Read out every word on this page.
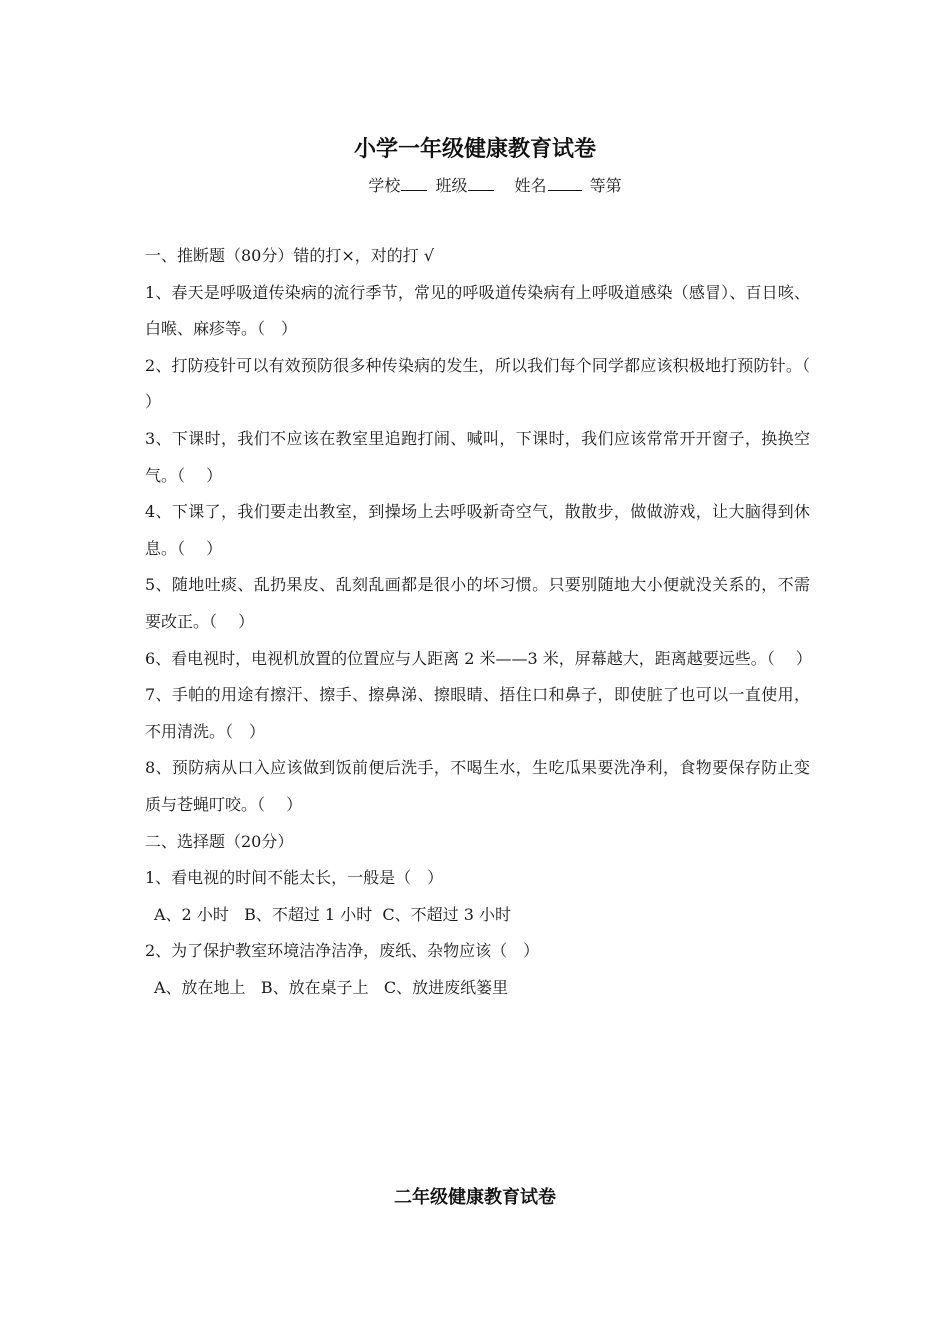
小学一年级健康教育试卷
学校 班级	姓名	等第

一、推断题（80分）错的打×，对的打 √

1、春天是呼吸道传染病的流行季节，常见的呼吸道传染病有上呼吸道感染（感冒）、百日咳、白喉、麻疹等。（　）

2、打防疫针可以有效预防很多种传染病的发生，所以我们每个同学都应该积极地打预防针。（　 ）

3、下课时，我们不应该在教室里追跑打闹、喊叫，下课时，我们应该常常开开窗子，换换空气。（　 ）

4、下课了，我们要走出教室，到操场上去呼吸新奇空气，散散步，做做游戏，让大脑得到休息。（　 ）

5、随地吐痰、乱扔果皮、乱刻乱画都是很小的坏习惯。只要别随地大小便就没关系的，不需要改正。（　 ）

6、看电视时，电视机放置的位置应与人距离 2 米——3 米，屏幕越大，距离越要远些。（　 ）

7、手帕的用途有擦汗、擦手、擦鼻涕、擦眼睛、捂住口和鼻子，即使脏了也可以一直使用，不用清洗。（　）

8、预防病从口入应该做到饭前便后洗手，不喝生水，生吃瓜果要洗净利，食物要保存防止变质与苍蝇叮咬。（　 ）

二、选择题（20分）

1、看电视的时间不能太长，一般是（　）

A、2 小时   B、不超过 1 小时  C、不超过 3 小时

2、为了保护教室环境洁净洁净，废纸、杂物应该（　）

A、放在地上   B、放在桌子上   C、放进废纸篓里

二年级健康教育试卷
